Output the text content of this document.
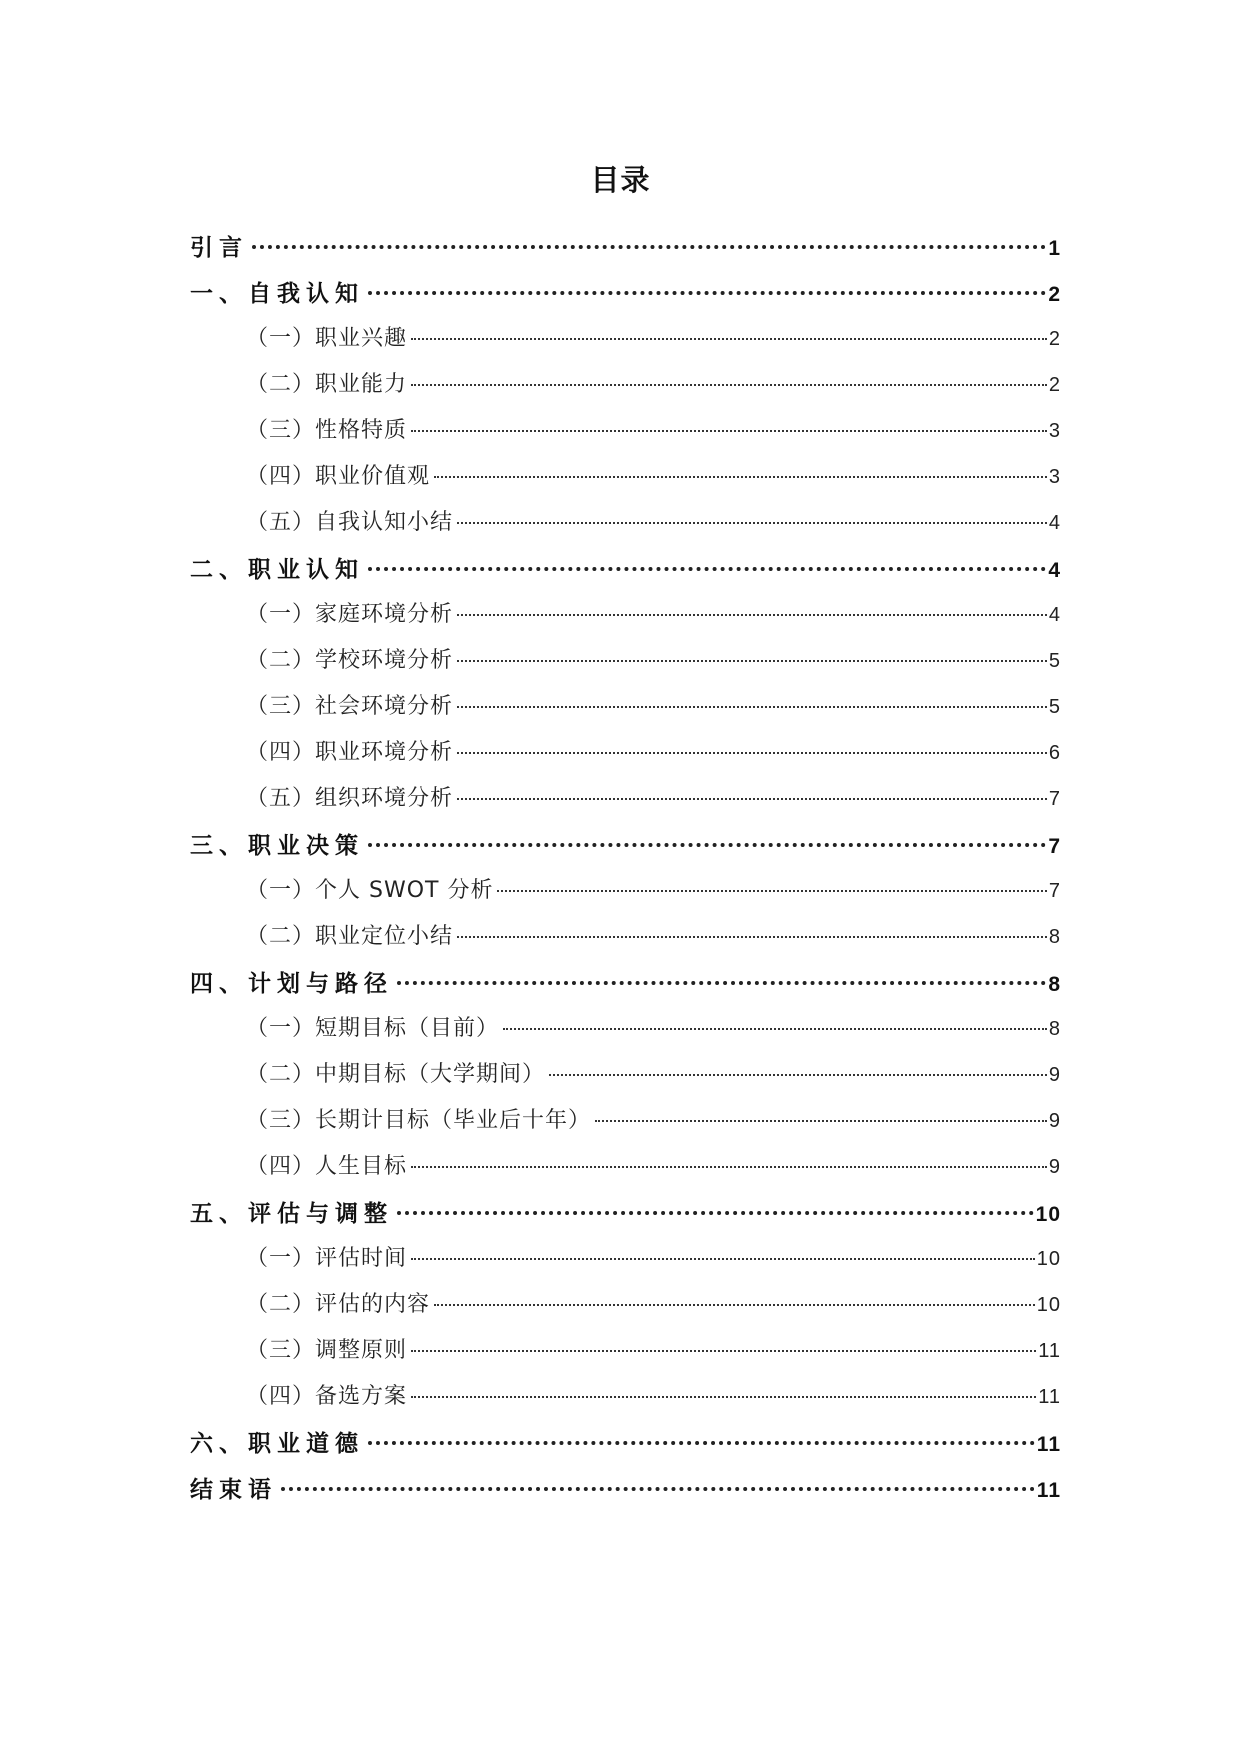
目录
引言	1
一、自我认知	2
（一）职业兴趣	2
（二）职业能力	2
（三）性格特质	3
（四）职业价值观	3
（五）自我认知小结	4
二、职业认知	4
（一）家庭环境分析	4
（二）学校环境分析	5
（三）社会环境分析	5
（四）职业环境分析	6
（五）组织环境分析	7
三、职业决策	7
（一）个人 SWOT 分析	7
（二）职业定位小结	8
四、计划与路径	8
（一）短期目标（目前）	8
（二）中期目标（大学期间）	9
（三）长期计目标（毕业后十年）	9
（四）人生目标	9
五、评估与调整	10
（一）评估时间	10
（二）评估的内容	10
（三）调整原则	11
（四）备选方案	11
六、职业道德	11
结束语	11
